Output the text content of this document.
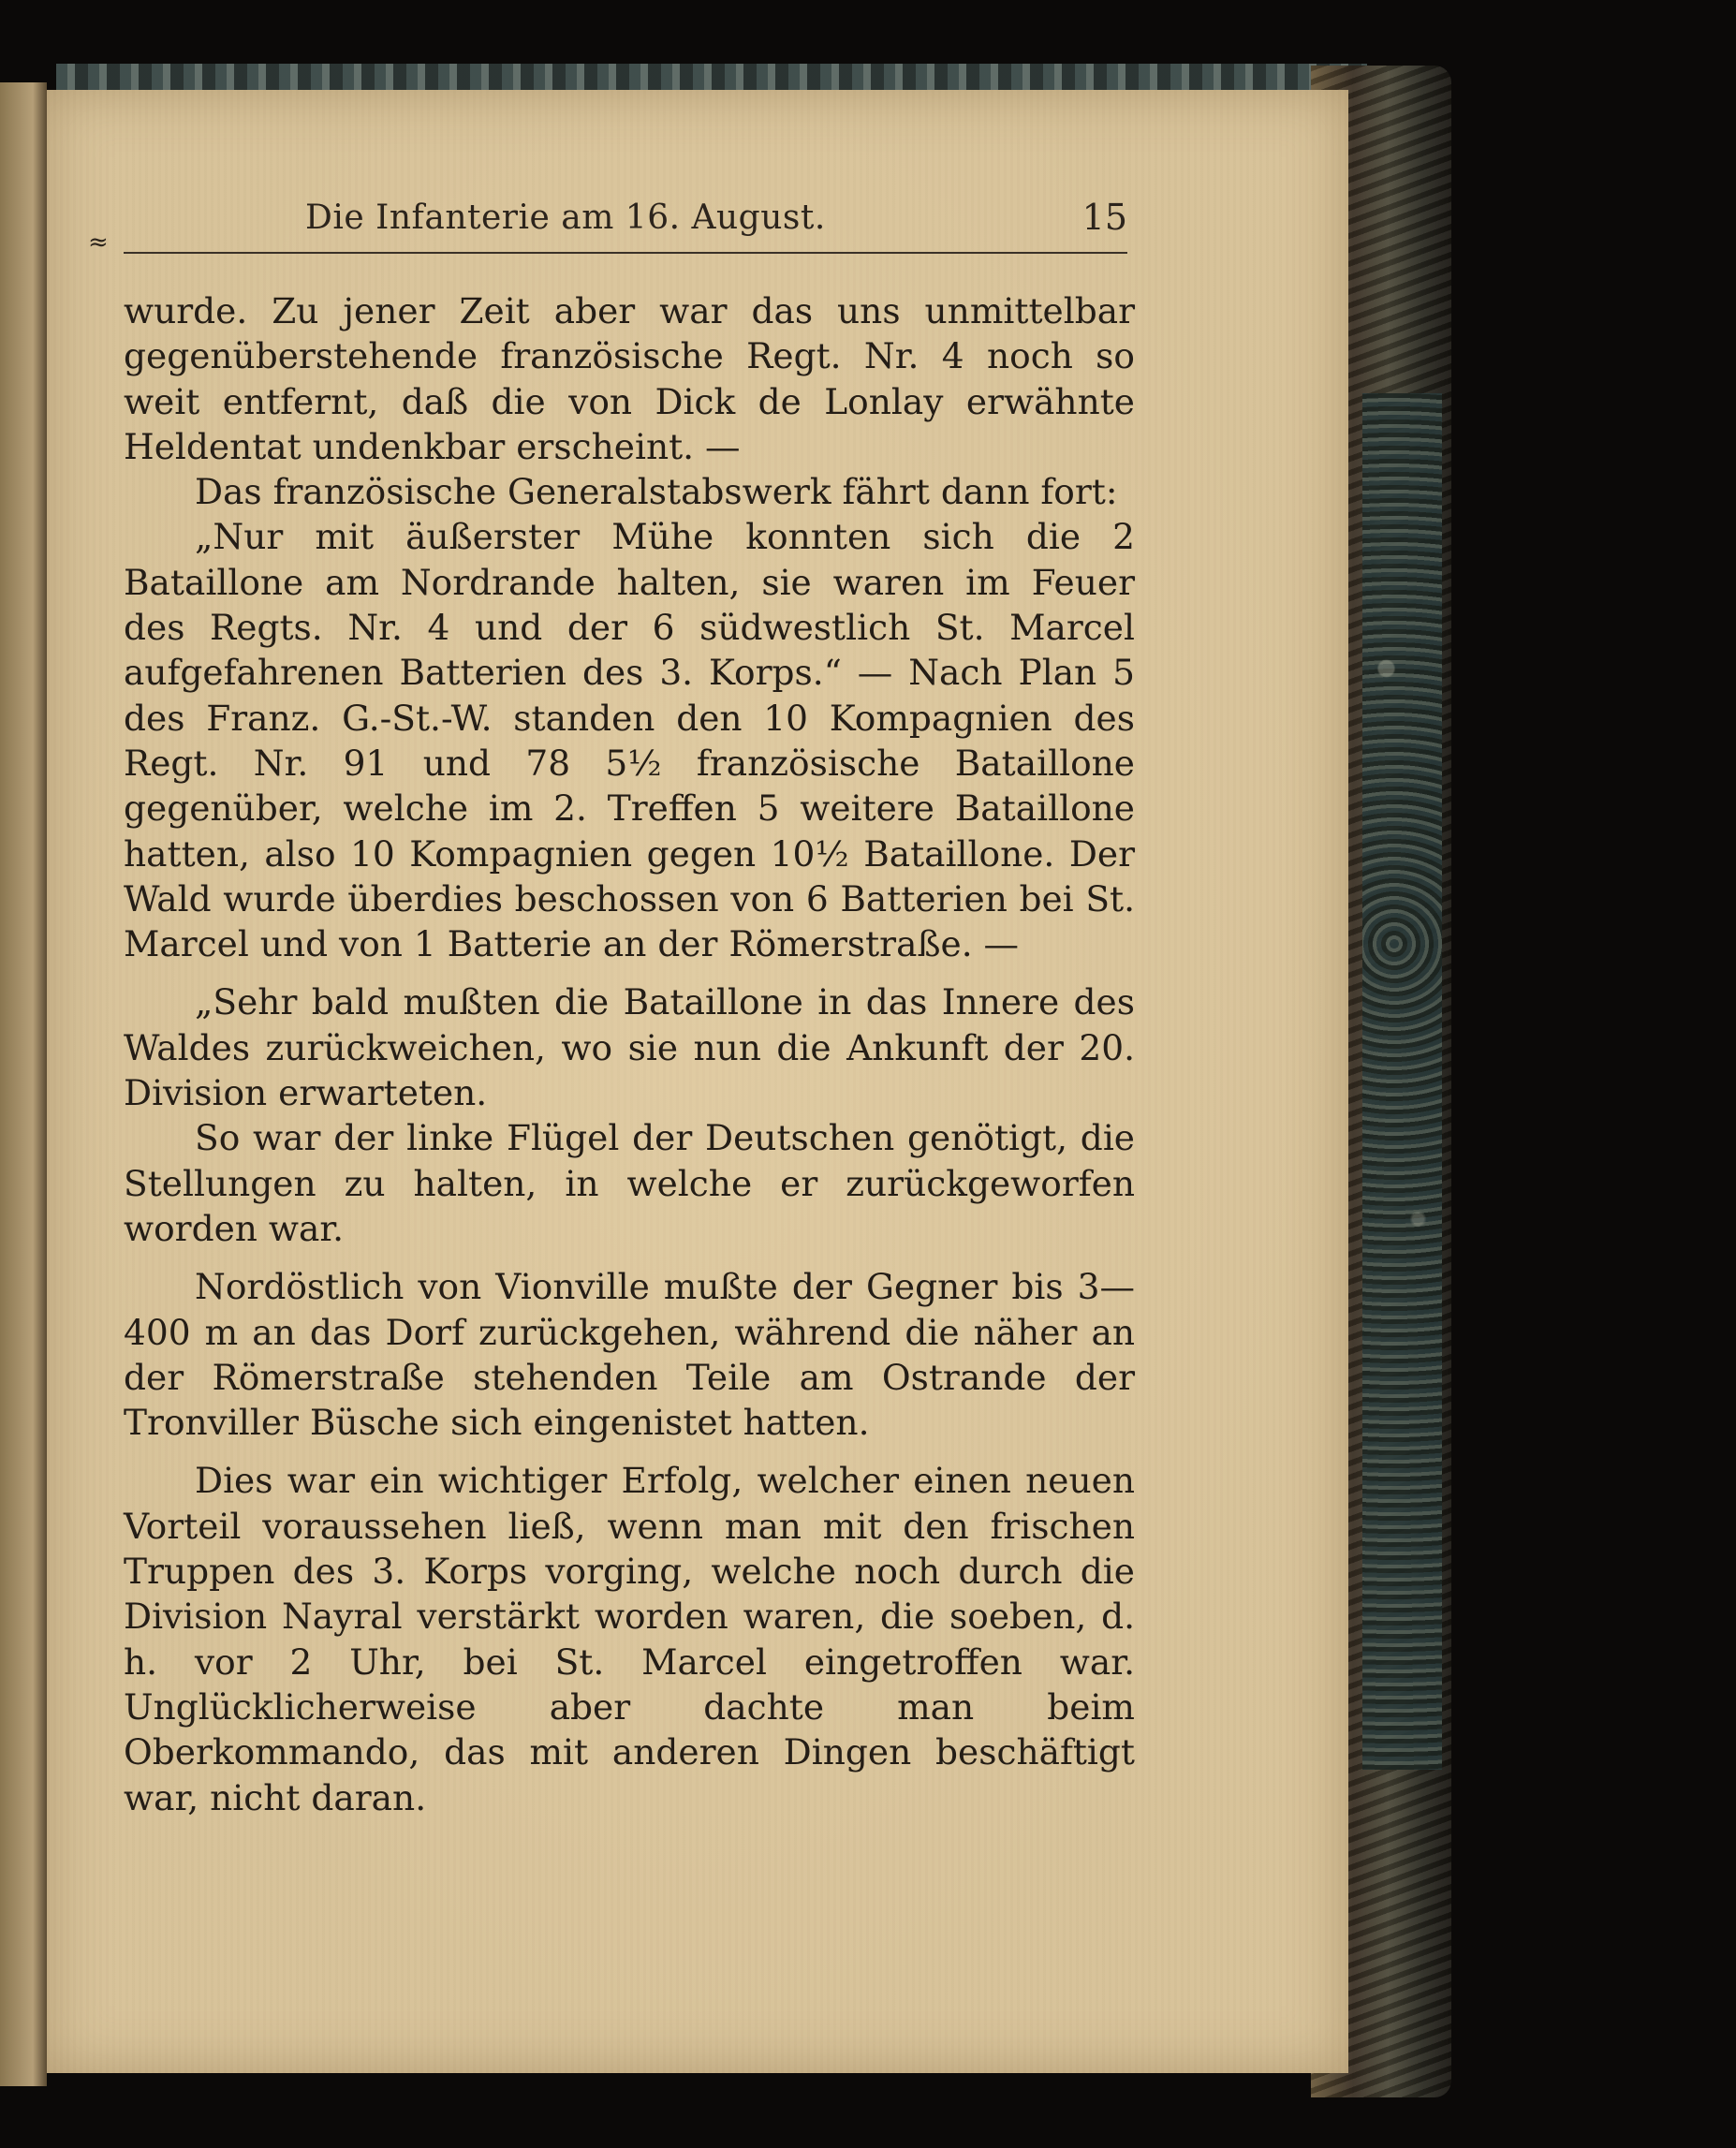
≈
Die Infanterie am 16. August.	15

wurde. Zu jener Zeit aber war das uns unmittelbar gegenüberstehende französische Regt. Nr. 4 noch so weit entfernt, daß die von Dick de Lonlay erwähnte Heldentat undenkbar erscheint. —

Das französische Generalstabswerk fährt dann fort:

„Nur mit äußerster Mühe konnten sich die 2 Bataillone am Nordrande halten, sie waren im Feuer des Regts. Nr. 4 und der 6 südwestlich St. Marcel aufgefahrenen Batterien des 3. Korps.“ — Nach Plan 5 des Franz. G.-St.-W. standen den 10 Kompagnien des Regt. Nr. 91 und 78 5½ französische Bataillone gegenüber, welche im 2. Treffen 5 weitere Bataillone hatten, also 10 Kompagnien gegen 10½ Bataillone. Der Wald wurde überdies beschossen von 6 Batterien bei St. Marcel und von 1 Batterie an der Römerstraße. —

„Sehr bald mußten die Bataillone in das Innere des Waldes zurückweichen, wo sie nun die Ankunft der 20. Division erwarteten.

So war der linke Flügel der Deutschen genötigt, die Stellungen zu halten, in welche er zurückgeworfen worden war.

Nordöstlich von Vionville mußte der Gegner bis 3—400 m an das Dorf zurückgehen, während die näher an der Römerstraße stehenden Teile am Ostrande der Tronviller Büsche sich eingenistet hatten.

Dies war ein wichtiger Erfolg, welcher einen neuen Vorteil voraussehen ließ, wenn man mit den frischen Truppen des 3. Korps vorging, welche noch durch die Division Nayral verstärkt worden waren, die soeben, d. h. vor 2 Uhr, bei St. Marcel eingetroffen war. Unglücklicherweise aber dachte man beim Oberkommando, das mit anderen Dingen beschäftigt war, nicht daran.
